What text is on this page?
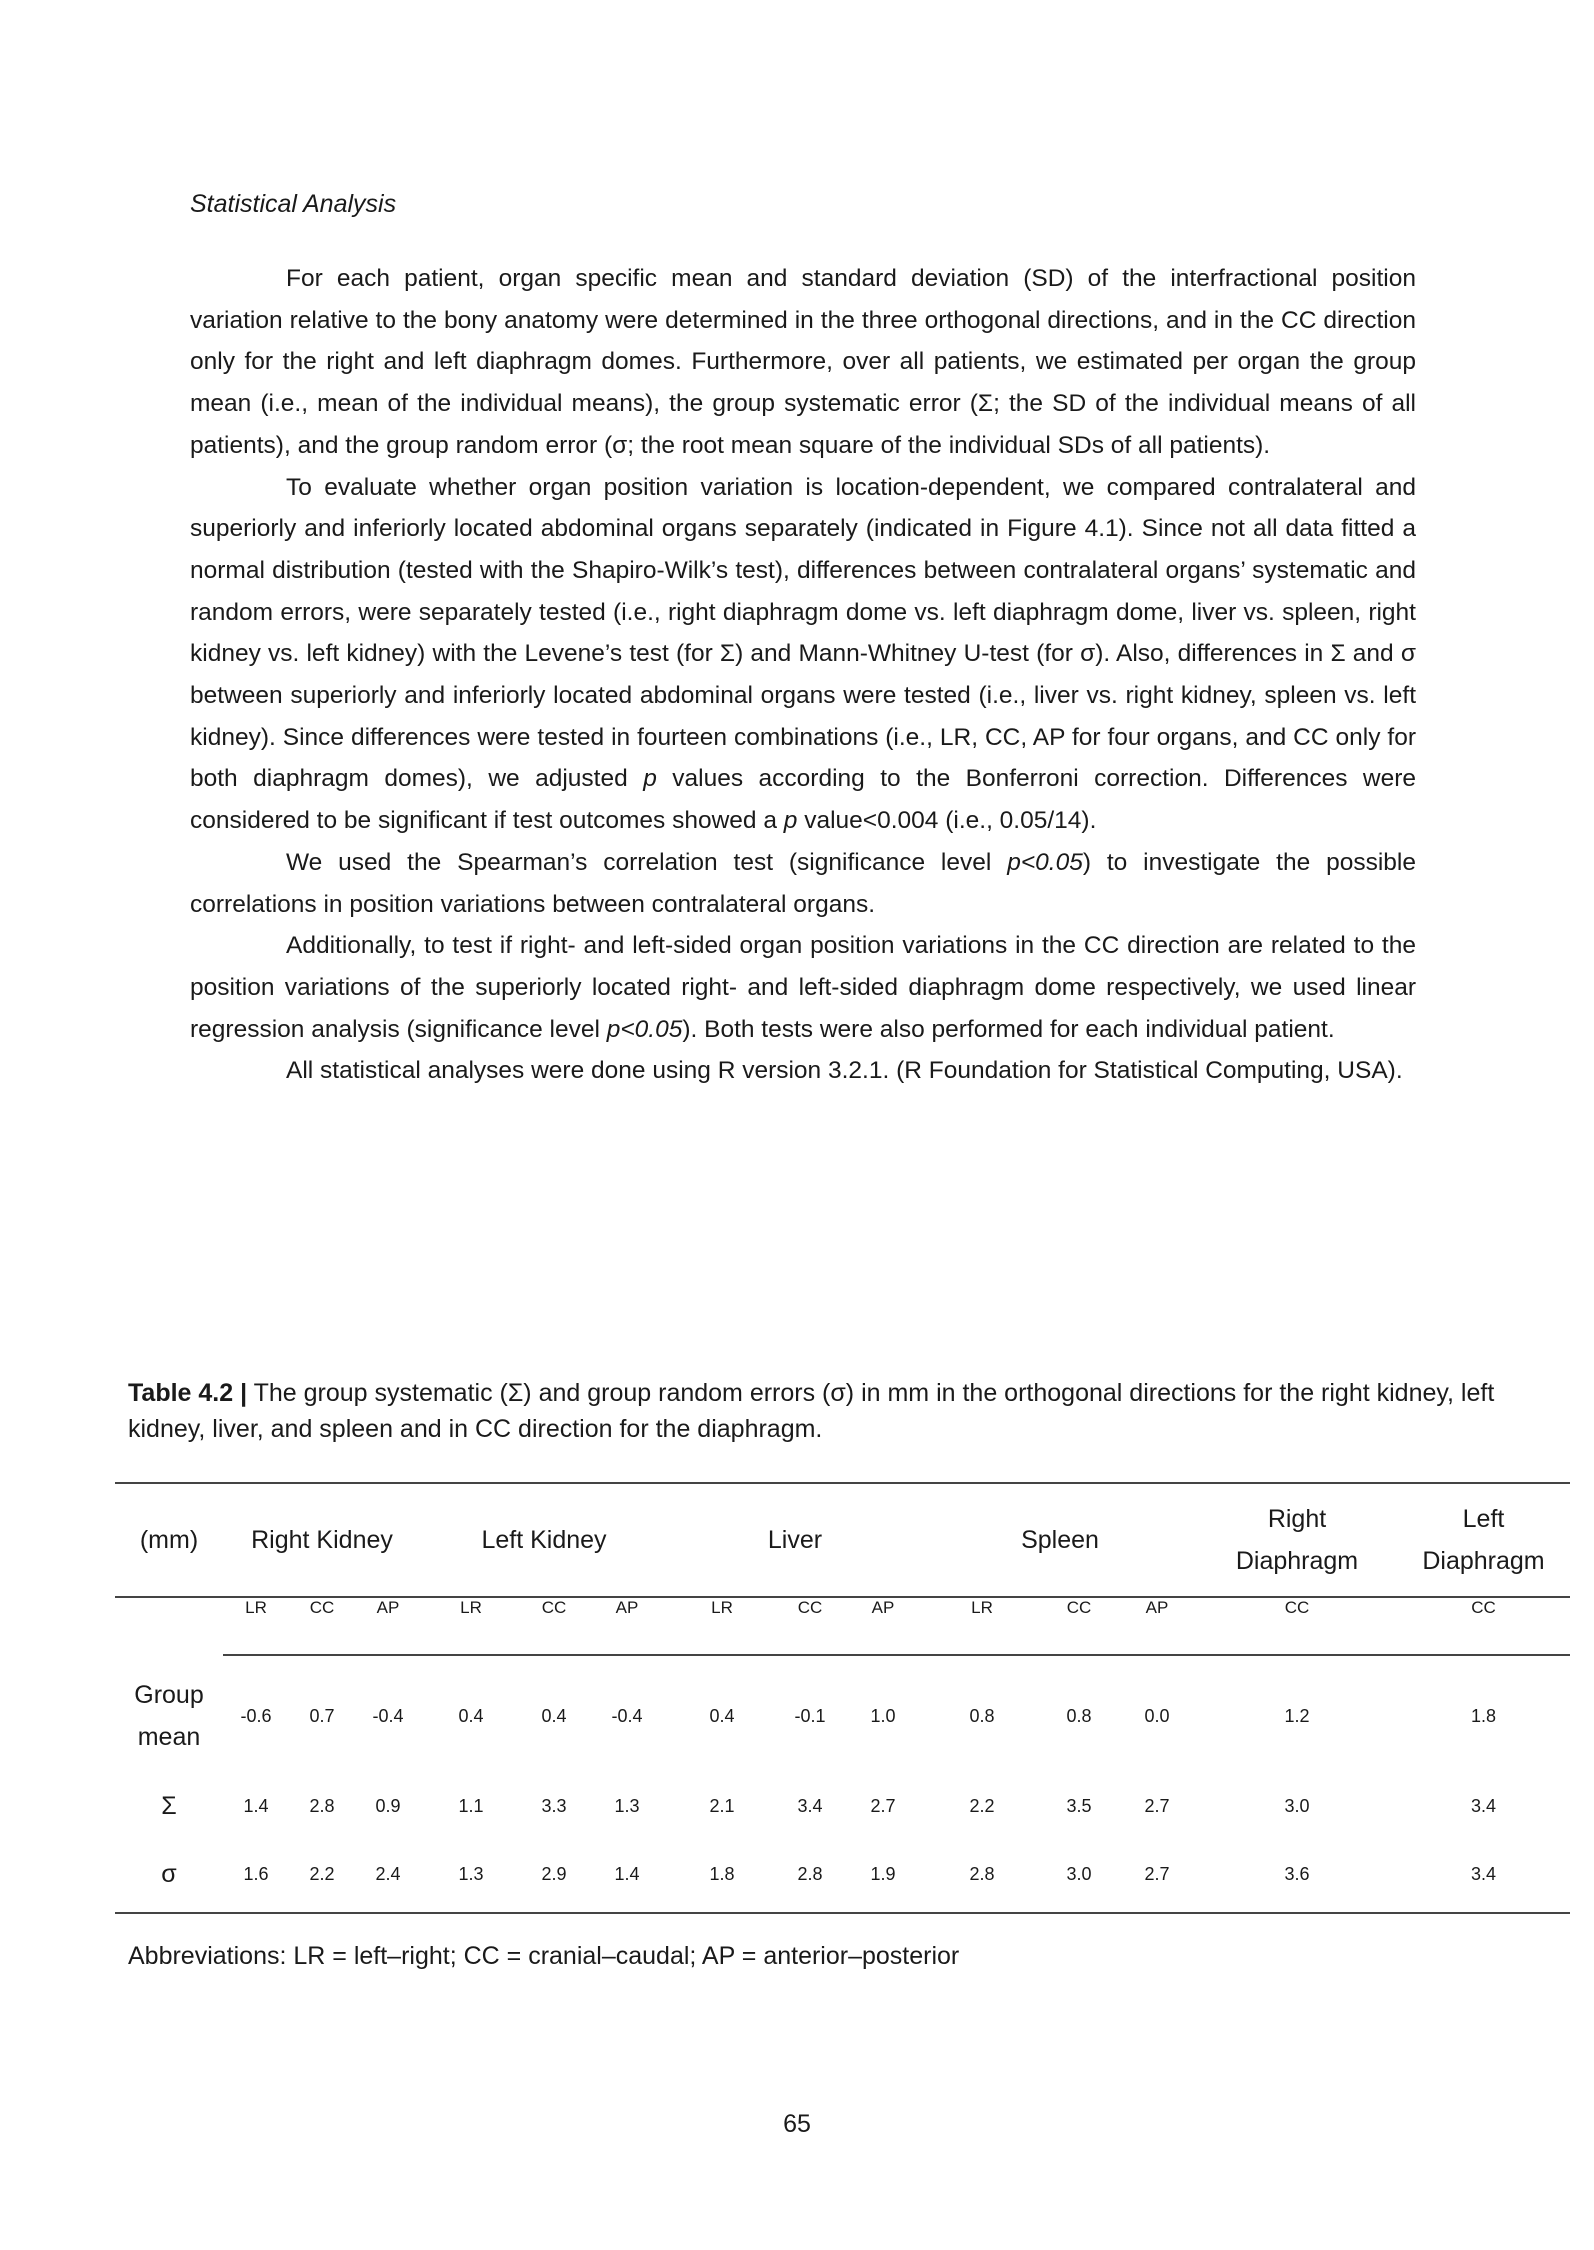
Statistical Analysis

For each patient, organ specific mean and standard deviation (SD) of the interfractional position variation relative to the bony anatomy were determined in the three orthogonal directions, and in the CC direction only for the right and left diaphragm domes. Furthermore, over all patients, we estimated per organ the group mean (i.e., mean of the individual means), the group systematic error (Σ; the SD of the individual means of all patients), and the group random error (σ; the root mean square of the individual SDs of all patients).

To evaluate whether organ position variation is location-dependent, we compared contralateral and superiorly and inferiorly located abdominal organs separately (indicated in Figure 4.1). Since not all data fitted a normal distribution (tested with the Shapiro-Wilk’s test), differences between contralateral organs’ systematic and random errors, were separately tested (i.e., right diaphragm dome vs. left diaphragm dome, liver vs. spleen, right kidney vs. left kidney) with the Levene’s test (for Σ) and Mann-Whitney U-test (for σ). Also, differences in Σ and σ between superiorly and inferiorly located abdominal organs were tested (i.e., liver vs. right kidney, spleen vs. left kidney). Since differences were tested in fourteen combinations (i.e., LR, CC, AP for four organs, and CC only for both diaphragm domes), we adjusted p values according to the Bonferroni correction. Differences were considered to be significant if test outcomes showed a p value<0.004 (i.e., 0.05/14).

We used the Spearman’s correlation test (significance level p<0.05) to investigate the possible correlations in position variations between contralateral organs.

Additionally, to test if right- and left-sided organ position variations in the CC direction are related to the position variations of the superiorly located right- and left-sided diaphragm dome respectively, we used linear regression analysis (significance level p<0.05). Both tests were also performed for each individual patient.

All statistical analyses were done using R version 3.2.1. (R Foundation for Statistical Computing, USA).

Table 4.2 | The group systematic (Σ) and group random errors (σ) in mm in the orthogonal directions for the right kidney, left kidney, liver, and spleen and in CC direction for the diaphragm.
(mm)	Right Kidney			Left Kidney			Liver			Spleen			Right
Diaphragm	Left
Diaphragm
	LR	CC	AP	LR	CC	AP	LR	CC	AP	LR	CC	AP	CC	CC
Group
mean	-0.6	0.7	-0.4	0.4	0.4	-0.4	0.4	-0.1	1.0	0.8	0.8	0.0	1.2	1.8
Σ	1.4	2.8	0.9	1.1	3.3	1.3	2.1	3.4	2.7	2.2	3.5	2.7	3.0	3.4
σ	1.6	2.2	2.4	1.3	2.9	1.4	1.8	2.8	1.9	2.8	3.0	2.7	3.6	3.4
Abbreviations: LR = left–right; CC = cranial–caudal; AP = anterior–posterior
65
